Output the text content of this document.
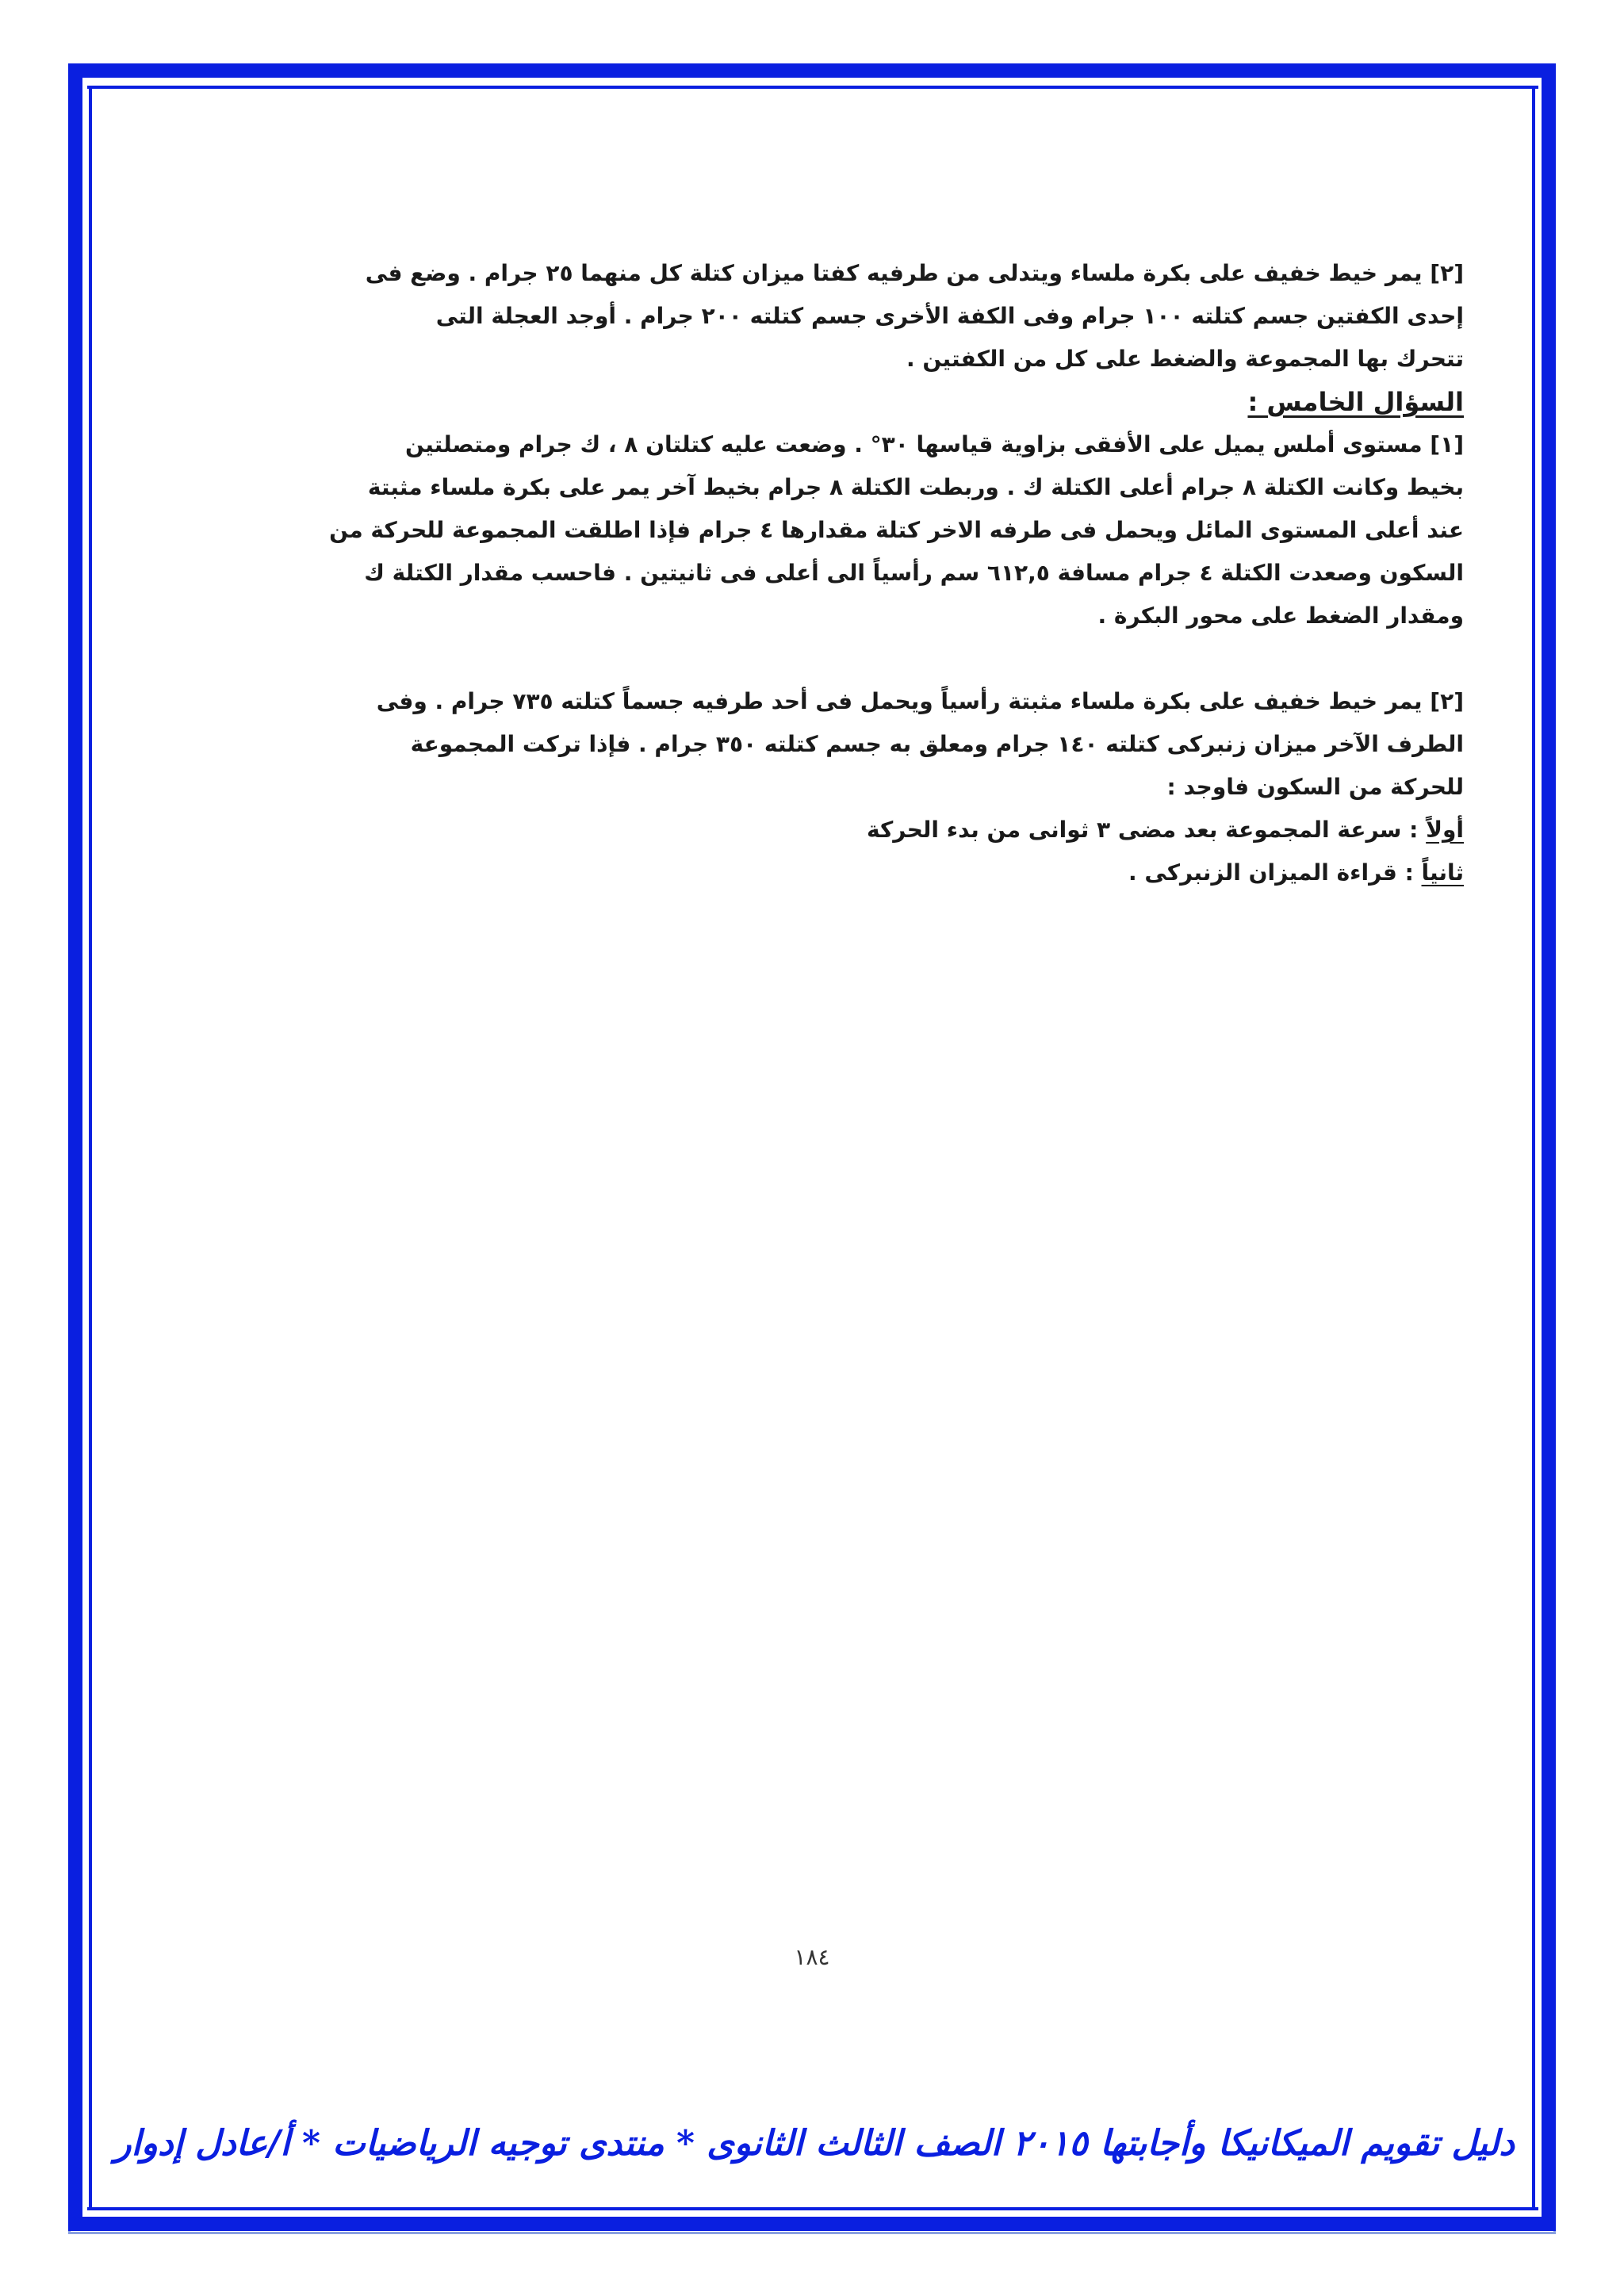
[٢] يمر خيط خفيف على بكرة ملساء ويتدلى من طرفيه كفتا ميزان كتلة كل منهما ٢٥ جرام . وضع فى

إحدى الكفتين جسم كتلته ١٠٠ جرام وفى الكفة الأخرى جسم كتلته ٢٠٠ جرام . أوجد العجلة التى

تتحرك بها المجموعة والضغط على كل من الكفتين .

السؤال الخامس :

[١] مستوى أملس يميل على الأفقى بزاوية قياسها ٣٠° . وضعت عليه كتلتان ٨ ، ك جرام ومتصلتين

بخيط وكانت الكتلة ٨ جرام أعلى الكتلة ك . وربطت الكتلة ٨ جرام بخيط آخر يمر على بكرة ملساء مثبتة

عند أعلى المستوى المائل ويحمل فى طرفه الاخر كتلة مقدارها ٤ جرام فإذا اطلقت المجموعة للحركة من

السكون وصعدت الكتلة ٤ جرام مسافة ٦١٢,٥ سم رأسياً الى أعلى فى ثانيتين . فاحسب مقدار الكتلة ك

ومقدار الضغط على محور البكرة .

[٢] يمر خيط خفيف على بكرة ملساء مثبتة رأسياً ويحمل فى أحد طرفيه جسماً كتلته ٧٣٥ جرام . وفى

الطرف الآخر ميزان زنبركى كتلته ١٤٠ جرام ومعلق به جسم كتلته ٣٥٠ جرام . فإذا تركت المجموعة

للحركة من السكون فاوجد :

أولاً : سرعة المجموعة بعد مضى ٣ ثوانى من بدء الحركة

ثانياً : قراءة الميزان الزنبركى .

١٨٤
دليل تقويم الميكانيكا وأجابتها ٢٠١٥ الصف الثالث الثانوى * منتدى توجيه الرياضيات * أ/عادل إدوار
